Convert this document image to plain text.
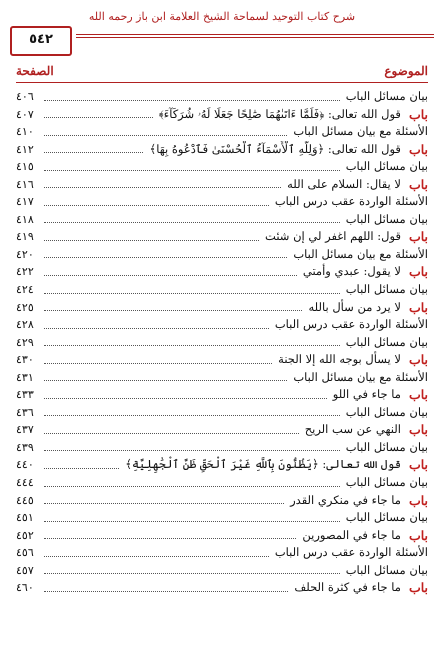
شرح كتاب التوحيد لسماحة الشيخ العلامة ابن باز رحمه الله
٥٤٢
الموضوع
الصفحة
بيان مسائل الباب
٤٠٦
باب
قول الله تعالى: ﴿فَلَمَّا ءَاتَىٰهُمَا صَٰلِحًا جَعَلَا لَهُۥ شُرَكَآءَ﴾
٤٠٧
الأسئلة مع بيان مسائل الباب
٤١٠
باب
قول الله تعالى: ﴿وَلِلَّهِ ٱلْأَسْمَآءُ ٱلْحُسْنَىٰ فَٱدْعُوهُ بِهَا﴾
٤١٢
بيان مسائل الباب
٤١٥
باب
لا يقال: السلام على الله
٤١٦
الأسئلة الواردة عقب درس الباب
٤١٧
بيان مسائل الباب
٤١٨
باب
قول: اللهم اغفر لي إن شئت
٤١٩
الأسئلة مع بيان مسائل الباب
٤٢٠
باب
لا يقول: عبدي وأمتي
٤٢٢
بيان مسائل الباب
٤٢٤
باب
لا يرد من سأل بالله
٤٢٥
الأسئلة الواردة عقب درس الباب
٤٢٨
بيان مسائل الباب
٤٢٩
باب
لا يسأل بوجه الله إلا الجنة
٤٣٠
الأسئلة مع بيان مسائل الباب
٤٣١
باب
ما جاء في اللو
٤٣٣
بيان مسائل الباب
٤٣٦
باب
النهي عن سب الريح
٤٣٧
بيان مسائل الباب
٤٣٩
باب
قول الله تعالى: ﴿يَظُنُّونَ بِٱللَّهِ غَيْرَ ٱلْحَقِّ ظَنَّ ٱلْجَٰهِلِيَّةِ﴾
٤٤٠
بيان مسائل الباب
٤٤٤
باب
ما جاء في منكري القدر
٤٤٥
بيان مسائل الباب
٤٥١
باب
ما جاء في المصورين
٤٥٢
الأسئلة الواردة عقب درس الباب
٤٥٦
بيان مسائل الباب
٤٥٧
باب
ما جاء في كثرة الحلف
٤٦٠
